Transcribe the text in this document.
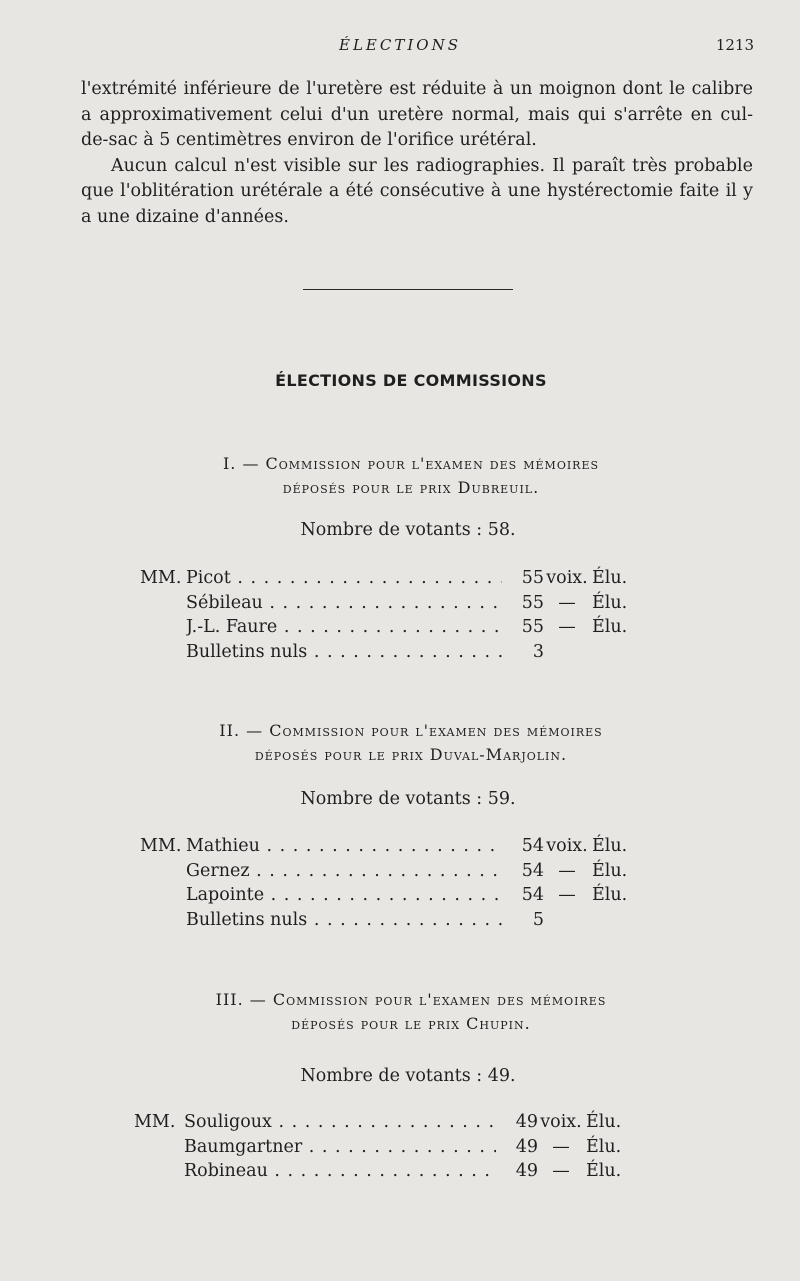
ÉLECTIONS	1213

l'extrémité inférieure de l'uretère est réduite à un moignon dont le calibre a approximativement celui d'un uretère normal, mais qui s'arrête en cul-de-sac à 5 centimètres environ de l'orifice urétéral.

Aucun calcul n'est visible sur les radiographies. Il paraît très probable que l'oblitération urétérale a été consécutive à une hystérectomie faite il y a une dizaine d'années.

ÉLECTIONS DE COMMISSIONS
I. — Commission pour l'examen des mémoires
déposés pour le prix Dubreuil.
Nombre de votants : 58.
MM. Picot . . .	55 voix. Élu.
Sébileau . . .	55 — Élu.
J.-L. Faure . . .	55 — Élu.
Bulletins nuls . . .	3
II. — Commission pour l'examen des mémoires
déposés pour le prix Duval-Marjolin.
Nombre de votants : 59.
MM. Mathieu . . .	54 voix. Élu.
Gernez . . .	54 — Élu.
Lapointe . . .	54 — Élu.
Bulletins nuls . . .	5
III. — Commission pour l'examen des mémoires
déposés pour le prix Chupin.
Nombre de votants : 49.
MM. Souligoux . . .	49 voix. Élu.
Baumgartner . . .	49 — Élu.
Robineau . . .	49 — Élu.
